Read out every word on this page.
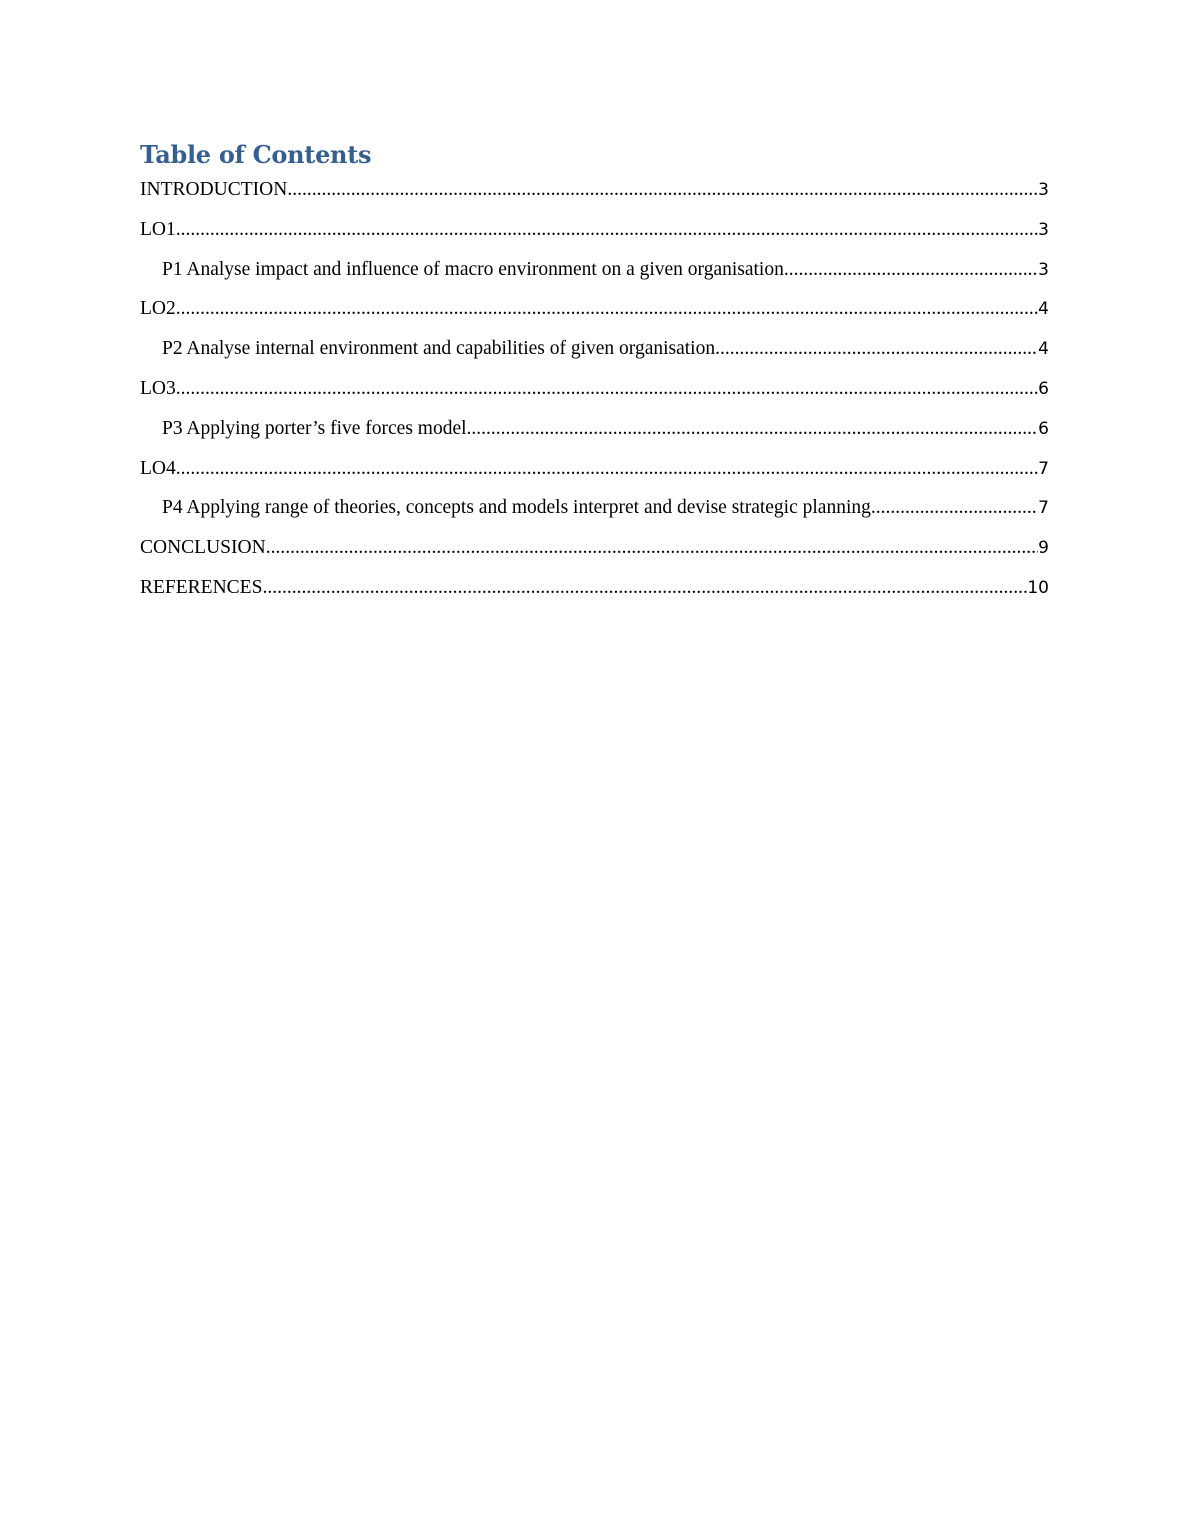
Table of Contents
INTRODUCTION .....	3
LO1 .....	3
P1 Analyse impact and influence of macro environment on a given organisation .....	3
LO2 .....	4
P2 Analyse internal environment and capabilities of given organisation .....	4
LO3 .....	6
P3 Applying porter’s five forces model .....	6
LO4 .....	7
P4 Applying range of theories, concepts and models interpret and devise strategic planning .....	7
CONCLUSION .....	9
REFERENCES .....	10
